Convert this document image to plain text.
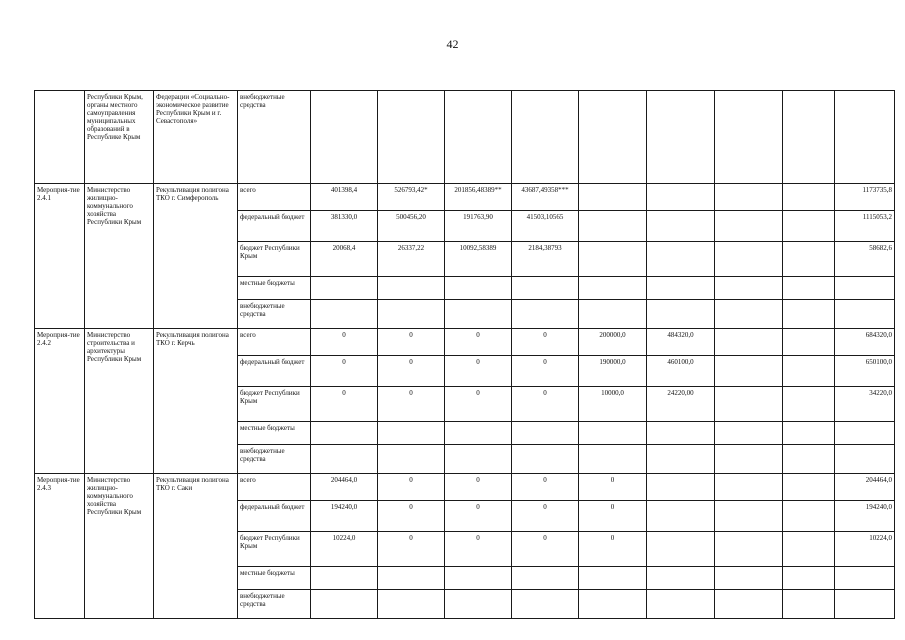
42
	Республики Крым, органы местного самоуправления муниципальных образований в Республике Крым	Федерации «Социально-экономическое развитие Республики Крым и г. Севастополя»	внебюджетные средства									
Мероприя-тие 2.4.1	Министерство жилищно-коммунального хозяйства Республики Крым	Рекультивация полигона ТКО г. Симферополь	всего	401398,4	526793,42*	201856,48389**	43687,49358***					1173735,8
			федеральный бюджет	381330,0	500456,20	191763,90	41503,10565					1115053,2
			бюджет Республики Крым	20068,4	26337,22	10092,58389	2184,38793					58682,6
			местные бюджеты									
			внебюджетные средства									
Мероприя-тие 2.4.2	Министерство строительства и архитектуры Республики Крым	Рекультивация полигона ТКО г. Керчь	всего	0	0	0	0	200000,0	484320,0			684320,0
			федеральный бюджет	0	0	0	0	190000,0	460100,0			650100,0
			бюджет Республики Крым	0	0	0	0	10000,0	24220,00			34220,0
			местные бюджеты									
			внебюджетные средства									
Мероприя-тие 2.4.3	Министерство жилищно-коммунального хозяйства Республики Крым	Рекультивация полигона ТКО г. Саки	всего	204464,0	0	0	0	0				204464,0
			федеральный бюджет	194240,0	0	0	0	0				194240,0
			бюджет Республики Крым	10224,0	0	0	0	0				10224,0
			местные бюджеты									
			внебюджетные средства									
